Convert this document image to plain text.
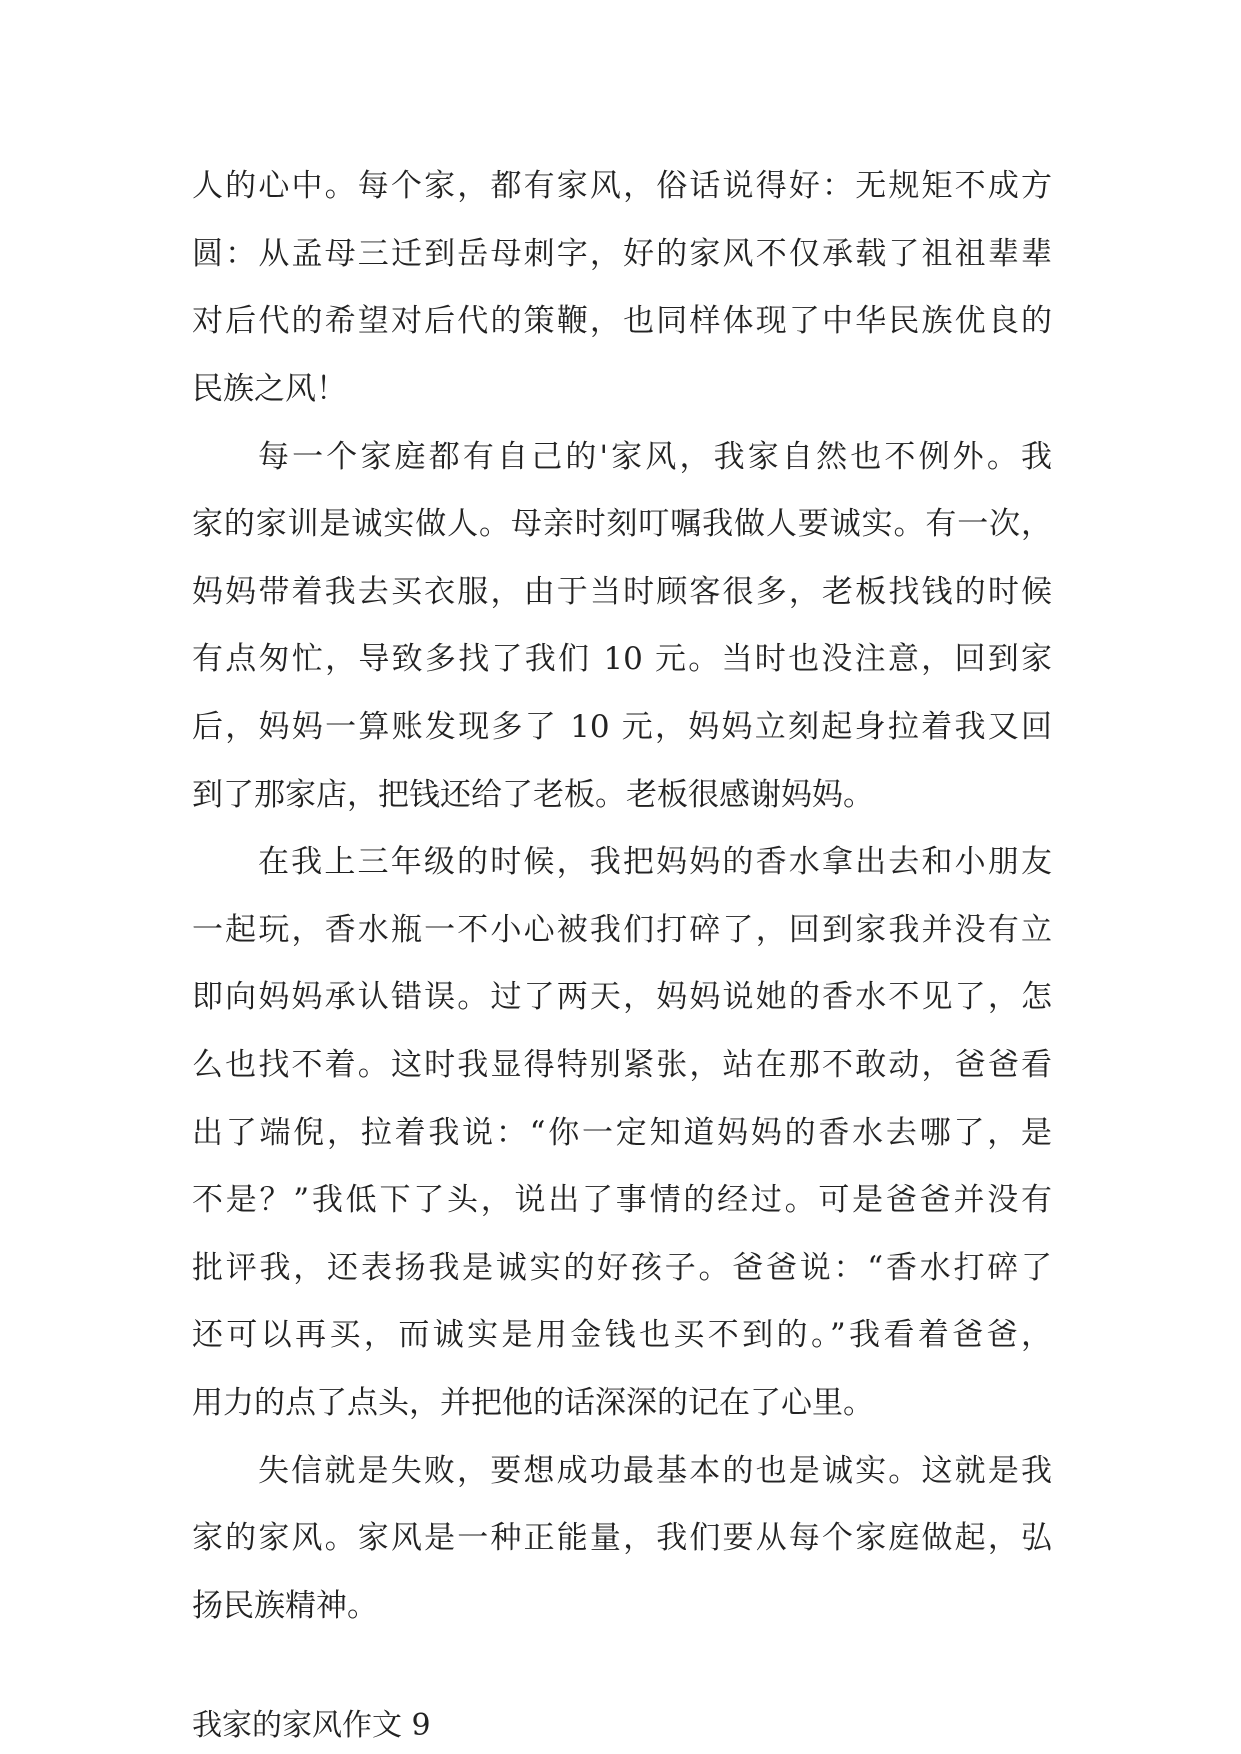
人的心中。每个家，都有家风，俗话说得好：无规矩不成方
圆：从孟母三迁到岳母刺字，好的家风不仅承载了祖祖辈辈
对后代的希望对后代的策鞭，也同样体现了中华民族优良的
民族之风！
每一个家庭都有自己的'家风，我家自然也不例外。我
家的家训是诚实做人。母亲时刻叮嘱我做人要诚实。有一次，
妈妈带着我去买衣服，由于当时顾客很多，老板找钱的时候
有点匆忙，导致多找了我们 10 元。当时也没注意，回到家
后，妈妈一算账发现多了 10 元，妈妈立刻起身拉着我又回
到了那家店，把钱还给了老板。老板很感谢妈妈。
在我上三年级的时候，我把妈妈的香水拿出去和小朋友
一起玩，香水瓶一不小心被我们打碎了，回到家我并没有立
即向妈妈承认错误。过了两天，妈妈说她的香水不见了，怎
么也找不着。这时我显得特别紧张，站在那不敢动，爸爸看
出了端倪，拉着我说：“你一定知道妈妈的香水去哪了，是
不是？”我低下了头，说出了事情的经过。可是爸爸并没有
批评我，还表扬我是诚实的好孩子。爸爸说：“香水打碎了
还可以再买，而诚实是用金钱也买不到的。”我看着爸爸，
用力的点了点头，并把他的话深深的记在了心里。
失信就是失败，要想成功最基本的也是诚实。这就是我
家的家风。家风是一种正能量，我们要从每个家庭做起，弘
扬民族精神。
我家的家风作文 9
